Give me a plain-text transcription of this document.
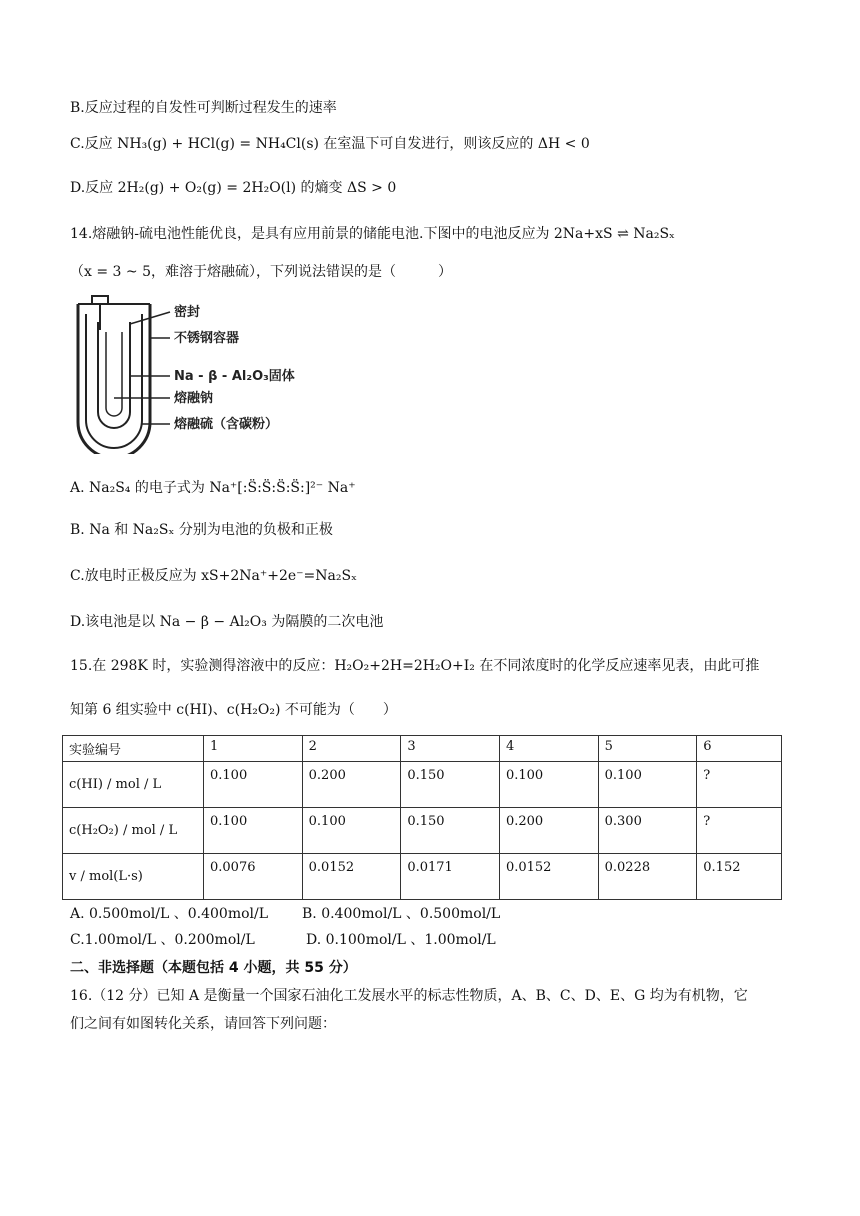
B.反应过程的自发性可判断过程发生的速率
C.反应 NH₃(g) + HCl(g) = NH₄Cl(s) 在室温下可自发进行，则该反应的 ΔH < 0
D.反应 2H₂(g) + O₂(g) = 2H₂O(l) 的熵变 ΔS > 0
14.熔融钠-硫电池性能优良，是具有应用前景的储能电池.下图中的电池反应为 2Na+xS ⇌ Na₂Sₓ
（x = 3 ~ 5，难溶于熔融硫），下列说法错误的是（　　　）
密封
不锈钢容器
Na - β - Al₂O₃固体
熔融钠
熔融硫（含碳粉）
A. Na₂S₄ 的电子式为 Na⁺[:S̈:S̈:S̈:S̈:]²⁻ Na⁺
B. Na 和 Na₂Sₓ 分别为电池的负极和正极
C.放电时正极反应为 xS+2Na⁺+2e⁻=Na₂Sₓ
D.该电池是以 Na − β − Al₂O₃ 为隔膜的二次电池
15.在 298K 时，实验测得溶液中的反应：H₂O₂+2H=2H₂O+I₂ 在不同浓度时的化学反应速率见表，由此可推
知第 6 组实验中 c(HI)、c(H₂O₂) 不可能为（　　）
实验编号	1	2	3	4	5	6
c(HI) / mol / L	0.100	0.200	0.150	0.100	0.100	?
c(H₂O₂) / mol / L	0.100	0.100	0.150	0.200	0.300	?
v / mol(L·s)	0.0076	0.0152	0.0171	0.0152	0.0228	0.152
A. 0.500mol/L 、0.400mol/L B. 0.400mol/L 、0.500mol/L
C.1.00mol/L 、0.200mol/L	D. 0.100mol/L 、1.00mol/L
二、非选择题（本题包括 4 小题，共 55 分）
16.（12 分）已知 A 是衡量一个国家石油化工发展水平的标志性物质，A、B、C、D、E、G 均为有机物，它
们之间有如图转化关系，请回答下列问题：
